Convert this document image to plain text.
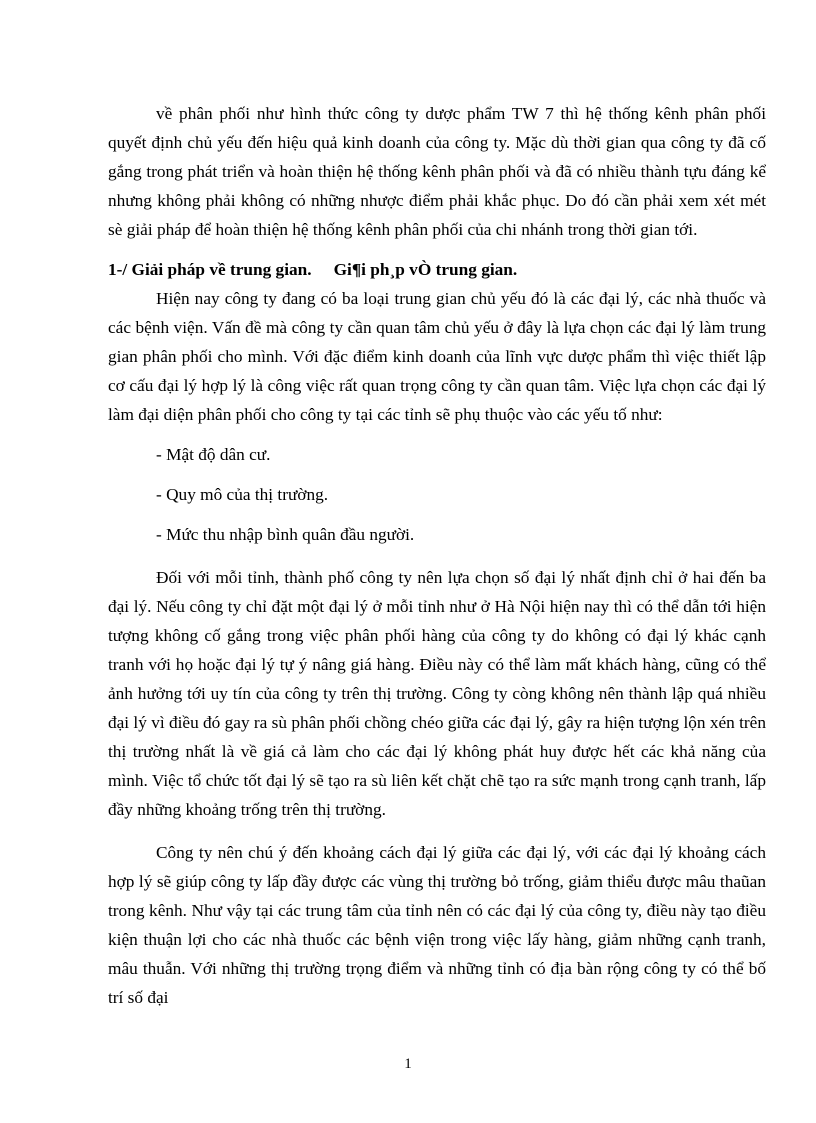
về phân phối như hình thức công ty dược phẩm TW 7 thì hệ thống kênh phân phối quyết định chủ yếu đến hiệu quả kinh doanh của công ty. Mặc dù thời gian qua công ty đã cố gắng trong phát triển và hoàn thiện hệ thống kênh phân phối và đã có nhiều thành tựu đáng kể nhưng không phải không có những nhược điểm phải khắc phục. Do đó cần phải xem xét mét sè giải pháp để hoàn thiện hệ thống kênh phân phối của chi nhánh trong thời gian tới.

1-/ Giải pháp về trung gian. Gi¶i ph¸p vÒ trung gian.

Hiện nay công ty đang có ba loại trung gian chủ yếu đó là các đại lý, các nhà thuốc và các bệnh viện. Vấn đề mà công ty cần quan tâm chủ yếu ở đây là lựa chọn các đại lý làm trung gian phân phối cho mình. Với đặc điểm kinh doanh của lĩnh vực dược phẩm thì việc thiết lập cơ cấu đại lý hợp lý là công việc rất quan trọng công ty cần quan tâm. Việc lựa chọn các đại lý làm đại diện phân phối cho công ty tại các tỉnh sẽ phụ thuộc vào các yếu tố như:

- Mật độ dân cư.

- Quy mô của thị trường.

- Mức thu nhập bình quân đầu người.

Đối với mỗi tỉnh, thành phố công ty nên lựa chọn số đại lý nhất định chỉ ở hai đến ba đại lý. Nếu công ty chỉ đặt một đại lý ở mỗi tỉnh như ở Hà Nội hiện nay thì có thể dẫn tới hiện tượng không cố gắng trong việc phân phối hàng của công ty do không có đại lý khác cạnh tranh với họ hoặc đại lý tự ý nâng giá hàng. Điều này có thể làm mất khách hàng, cũng có thể ảnh hưởng tới uy tín của công ty trên thị trường. Công ty còng không nên thành lập quá nhiều đại lý vì điều đó gay ra sù phân phối chồng chéo giữa các đại lý, gây ra hiện tượng lộn xén trên thị trường nhất là về giá cả làm cho các đại lý không phát huy được hết các khả năng của mình. Việc tổ chức tốt đại lý sẽ tạo ra sù liên kết chặt chẽ tạo ra sức mạnh trong cạnh tranh, lấp đầy những khoảng trống trên thị trường.

Công ty nên chú ý đến khoảng cách đại lý giữa các đại lý, với các đại lý khoảng cách hợp lý sẽ giúp công ty lấp đầy được các vùng thị trường bỏ trống, giảm thiểu được mâu thaũan trong kênh. Như vậy tại các trung tâm của tỉnh nên có các đại lý của công ty, điều này tạo điều kiện thuận lợi cho các nhà thuốc các bệnh viện trong việc lấy hàng, giảm những cạnh tranh, mâu thuẫn. Với những thị trường trọng điểm và những tỉnh có địa bàn rộng công ty có thể bố trí số đại

1
